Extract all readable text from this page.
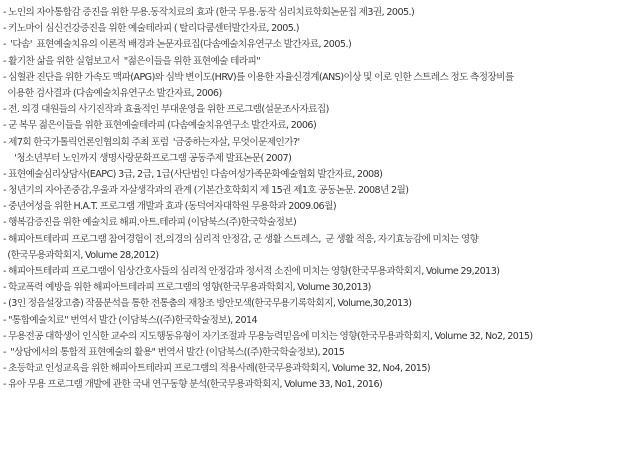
- 노인의 자아통합감 증진을 위한 무용.동작치료의 효과 (한국 무용.동작 심리치료학회논문집 제3권, 2005.)
- 키노마이 심신건강증진을 위한 예술테라피 ( 탈리다쿰센터발간자료, 2005.)
-  '다솜'  표현예술치유의 이론적 배경과 논문자료집(다솜예술치유연구소 발간자료, 2005.)
- 활기찬 삶을 위한 실험보고서  "젊은이들을 위한 표현예술 테라피"
- 심혈관 진단을 위한 가속도 맥파(APG)와 심박 변이도(HRV)를 이용한 자율신경계(ANS)이상 및 이로 인한 스트레스 정도 측정장비를
이용한 검사결과 (다솜예술치유연구소 발간자료, 2006)
- 전. 의경 대원들의 사기진작과 효율적인 부대운영을 위한 프로그램(설문조사자료집)
- 군 복무 젊은이들을 위한 표현예술테라피 (다솜예술치유연구소 발간자료, 2006)
- 제7회 한국가톨릭언론인협의회 주최 포럼  '금중하는자살, 무엇이문제인가?'
'청소년부터 노인까지 생명사랑문화프로그램 공동주제 발표논문( 2007)
- 표현예술심리상담사(EAPC) 3급, 2급, 1급(사단법인 다솜여성가족문화예술협회 발간자료, 2008)
- 청년기의 자아존중감,우울과 자살생각과의 관계 (기본간호학회지 제 15권 제1호 공동논문. 2008년 2월)
- 중년여성을 위한 H.A.T. 프로그램 개발과 효과 (동덕여자대학원 무용학과 2009.06월)
- 행복감증진을 위한 예술치료 해피.아트.테라피 (이담북스(주)한국학술정보)
- 해피아트테라피 프로그램 참여경험이 전,의경의 심리적 안정감, 군 생활 스트레스,  군 생활 적응, 자기효능감에 미치는 영향
(한국무용과학회지, Volume 28,2012)
- 해피아트테라피 프로그램이 임상간호사들의 심리적 안정감과 정서적 소진에 미치는 영향(한국무용과학회지, Volume 29,2013)
- 학교폭력 예방을 위한 해피아트테라피 프로그램의 영향(한국무용과학회지, Volume 30,2013)
- (3인 정음설장고춤) 작품분석을 통한 전통춤의 재창조 방안모색(한국무용기록학회지, Volume,30,2013)
- "통합예술치료" 번역서 발간 (이담북스((주)한국학술정보), 2014
- 무용전공 대학생이 인식한 교수의 지도행동유형이 자기조절과 무용능력믿음에 미치는 영향(한국무용과학회지, Volume 32, No2, 2015)
-  "상담에서의 통합적 표현예술의 활용" 번역서 발간 (이담북스((주)한국학술정보), 2015
- 초등학교 인성교육을 위한 해피아트테라피 프로그램의 적용사례(한국무용과학회지, Volume 32, No4, 2015)
- 유아 무용 프로그램 개발에 관한 국내 연구동향 분석(한국무용과학회지, Volume 33, No1, 2016)
